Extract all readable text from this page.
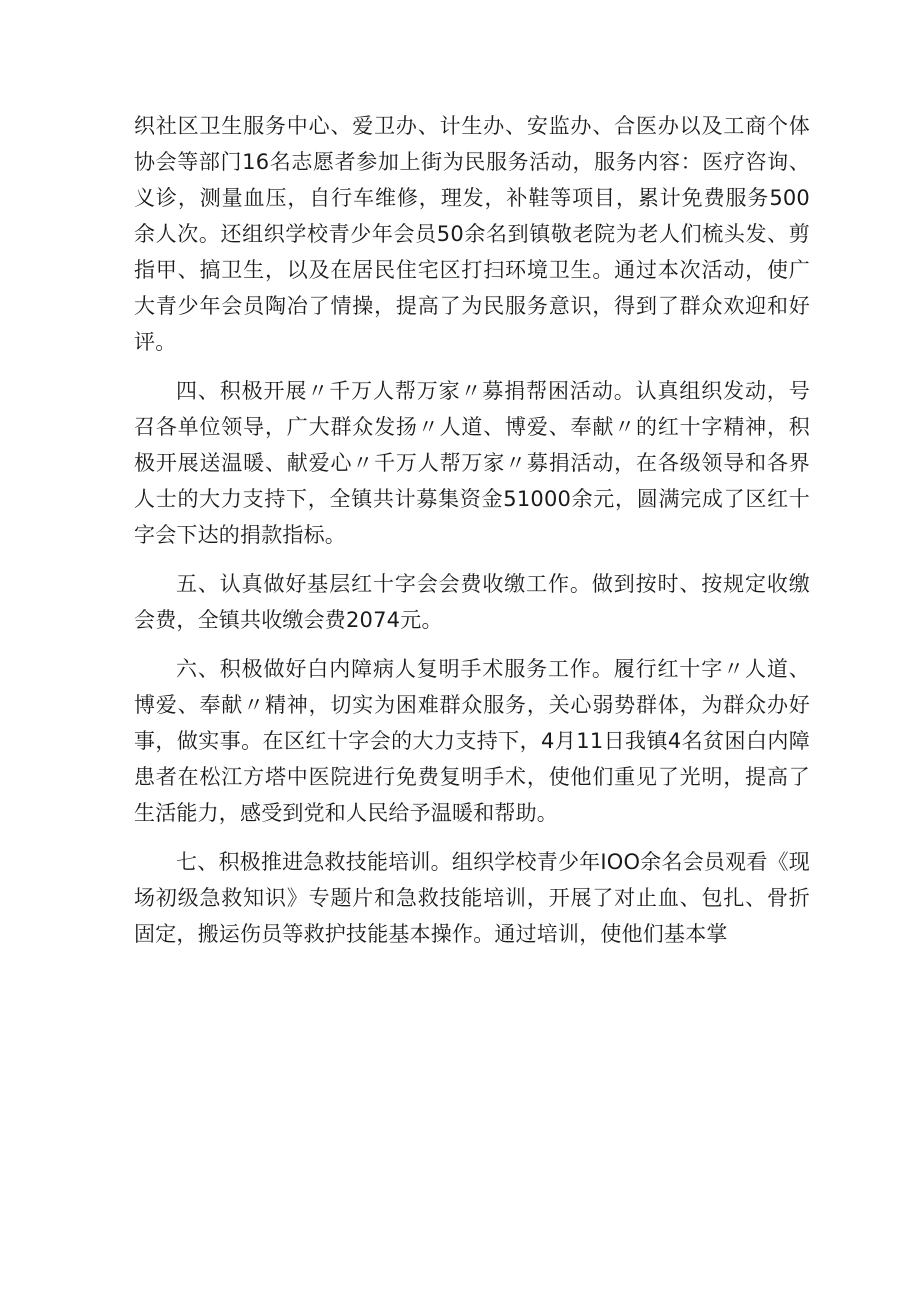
织社区卫生服务中心、爱卫办、计生办、安监办、合医办以及工商个体协会等部门16名志愿者参加上街为民服务活动，服务内容：医疗咨询、义诊，测量血压，自行车维修，理发，补鞋等项目，累计免费服务500余人次。还组织学校青少年会员50余名到镇敬老院为老人们梳头发、剪指甲、搞卫生，以及在居民住宅区打扫环境卫生。通过本次活动，使广大青少年会员陶冶了情操，提高了为民服务意识，得到了群众欢迎和好评。

四、积极开展〃千万人帮万家〃募捐帮困活动。认真组织发动，号召各单位领导，广大群众发扬〃人道、博爱、奉献〃的红十字精神，积极开展送温暖、献爱心〃千万人帮万家〃募捐活动，在各级领导和各界人士的大力支持下，全镇共计募集资金51000余元，圆满完成了区红十字会下达的捐款指标。

五、认真做好基层红十字会会费收缴工作。做到按时、按规定收缴会费，全镇共收缴会费2074元。

六、积极做好白内障病人复明手术服务工作。履行红十字〃人道、博爱、奉献〃精神，切实为困难群众服务，关心弱势群体，为群众办好事，做实事。在区红十字会的大力支持下，4月11日我镇4名贫困白内障患者在松江方塔中医院进行免费复明手术，使他们重见了光明，提高了生活能力，感受到党和人民给予温暖和帮助。

七、积极推进急救技能培训。组织学校青少年IOO余名会员观看《现场初级急救知识》专题片和急救技能培训，开展了对止血、包扎、骨折固定，搬运伤员等救护技能基本操作。通过培训，使他们基本掌
